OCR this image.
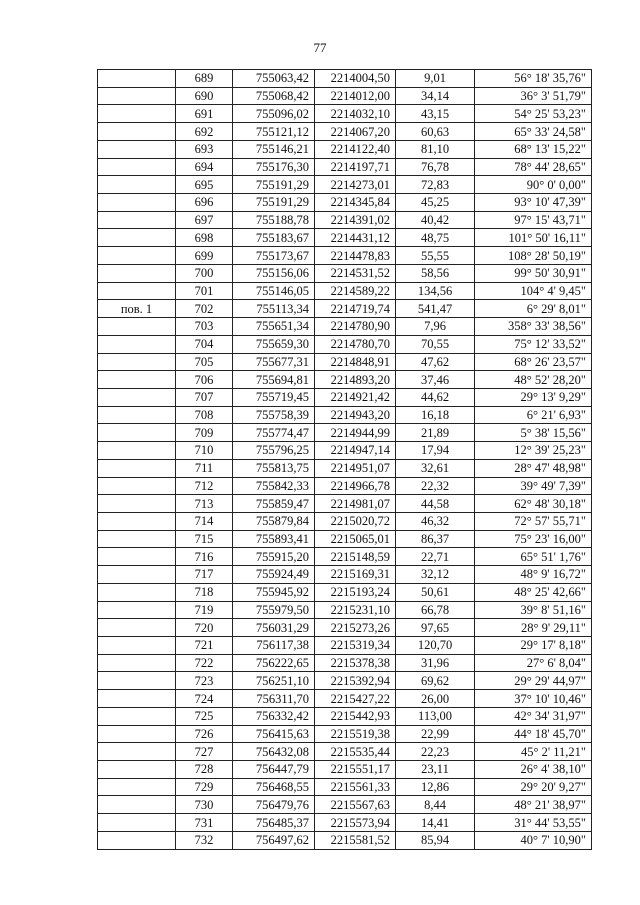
77
	689	755063,42	2214004,50	9,01	56° 18' 35,76"
	690	755068,42	2214012,00	34,14	36° 3' 51,79"
	691	755096,02	2214032,10	43,15	54° 25' 53,23"
	692	755121,12	2214067,20	60,63	65° 33' 24,58"
	693	755146,21	2214122,40	81,10	68° 13' 15,22"
	694	755176,30	2214197,71	76,78	78° 44' 28,65"
	695	755191,29	2214273,01	72,83	90° 0' 0,00"
	696	755191,29	2214345,84	45,25	93° 10' 47,39"
	697	755188,78	2214391,02	40,42	97° 15' 43,71"
	698	755183,67	2214431,12	48,75	101° 50' 16,11"
	699	755173,67	2214478,83	55,55	108° 28' 50,19"
	700	755156,06	2214531,52	58,56	99° 50' 30,91"
	701	755146,05	2214589,22	134,56	104° 4' 9,45"
пов. 1	702	755113,34	2214719,74	541,47	6° 29' 8,01"
	703	755651,34	2214780,90	7,96	358° 33' 38,56"
	704	755659,30	2214780,70	70,55	75° 12' 33,52"
	705	755677,31	2214848,91	47,62	68° 26' 23,57"
	706	755694,81	2214893,20	37,46	48° 52' 28,20"
	707	755719,45	2214921,42	44,62	29° 13' 9,29"
	708	755758,39	2214943,20	16,18	6° 21' 6,93"
	709	755774,47	2214944,99	21,89	5° 38' 15,56"
	710	755796,25	2214947,14	17,94	12° 39' 25,23"
	711	755813,75	2214951,07	32,61	28° 47' 48,98"
	712	755842,33	2214966,78	22,32	39° 49' 7,39"
	713	755859,47	2214981,07	44,58	62° 48' 30,18"
	714	755879,84	2215020,72	46,32	72° 57' 55,71"
	715	755893,41	2215065,01	86,37	75° 23' 16,00"
	716	755915,20	2215148,59	22,71	65° 51' 1,76"
	717	755924,49	2215169,31	32,12	48° 9' 16,72"
	718	755945,92	2215193,24	50,61	48° 25' 42,66"
	719	755979,50	2215231,10	66,78	39° 8' 51,16"
	720	756031,29	2215273,26	97,65	28° 9' 29,11"
	721	756117,38	2215319,34	120,70	29° 17' 8,18"
	722	756222,65	2215378,38	31,96	27° 6' 8,04"
	723	756251,10	2215392,94	69,62	29° 29' 44,97"
	724	756311,70	2215427,22	26,00	37° 10' 10,46"
	725	756332,42	2215442,93	113,00	42° 34' 31,97"
	726	756415,63	2215519,38	22,99	44° 18' 45,70"
	727	756432,08	2215535,44	22,23	45° 2' 11,21"
	728	756447,79	2215551,17	23,11	26° 4' 38,10"
	729	756468,55	2215561,33	12,86	29° 20' 9,27"
	730	756479,76	2215567,63	8,44	48° 21' 38,97"
	731	756485,37	2215573,94	14,41	31° 44' 53,55"
	732	756497,62	2215581,52	85,94	40° 7' 10,90"
